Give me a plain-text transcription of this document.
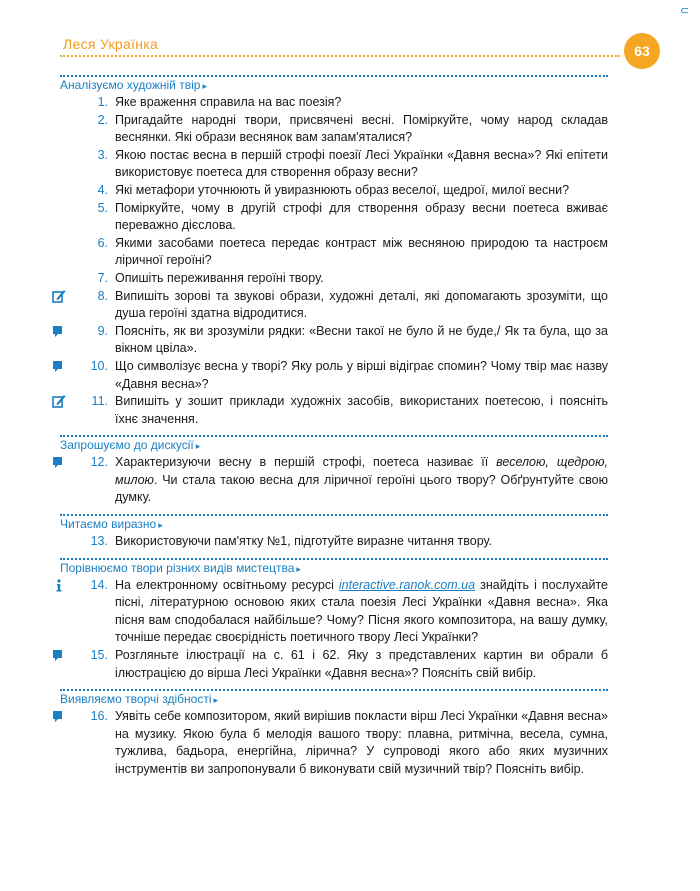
⊂
Леся Українка	63
Аналізуємо художній твір ▸
1. Яке враження справила на вас поезія?
2. Пригадайте народні твори, присвячені весні. Поміркуйте, чому народ складав веснянки. Які образи веснянок вам запам'яталися?
3. Якою постає весна в першій строфі поезії Лесі Українки «Давня весна»? Які епітети використовує поетеса для створення образу весни?
4. Які метафори уточнюють й увиразнюють образ веселої, щедрої, милої весни?
5. Поміркуйте, чому в другій строфі для створення образу весни поетеса вживає переважно дієслова.
6. Якими засобами поетеса передає контраст між весняною природою та настроєм ліричної героїні?
7. Опишіть переживання героїні твору.
8. Випишіть зорові та звукові образи, художні деталі, які допомагають зрозуміти, що душа героїні здатна відродитися.
9. Поясніть, як ви зрозуміли рядки: «Весни такої не було й не буде,/ Як та була, що за вікном цвіла».
10. Що символізує весна у творі? Яку роль у вірші відіграє спомин? Чому твір має назву «Давня весна»?
11. Випишіть у зошит приклади художніх засобів, використаних поетесою, і поясніть їхнє значення.
Запрошуємо до дискусії ▸
12. Характеризуючи весну в першій строфі, поетеса називає її веселою, щедрою, милою. Чи стала такою весна для ліричної героїні цього твору? Обґрунтуйте свою думку.
Читаємо виразно ▸
13. Використовуючи пам'ятку №1, підготуйте виразне читання твору.
Порівнюємо твори різних видів мистецтва ▸
14. На електронному освітньому ресурсі interactive.ranok.com.ua знайдіть і послухайте пісні, літературною основою яких стала поезія Лесі Українки «Давня весна». Яка пісня вам сподобалася найбільше? Чому? Пісня якого композитора, на вашу думку, точніше передає своєрідність поетичного твору Лесі Українки?
15. Розгляньте ілюстрації на с. 61 і 62. Яку з представлених картин ви обрали б ілюстрацією до вірша Лесі Українки «Давня весна»? Поясніть свій вибір.
Виявляємо творчі здібності ▸
16. Уявіть себе композитором, який вирішив покласти вірш Лесі Українки «Давня весна» на музику. Якою була б мелодія вашого твору: плавна, ритмічна, весела, сумна, тужлива, бадьора, енергійна, лірична? У супроводі якого або яких музичних інструментів ви запропонували б виконувати свій музичний твір? Поясніть вибір.
